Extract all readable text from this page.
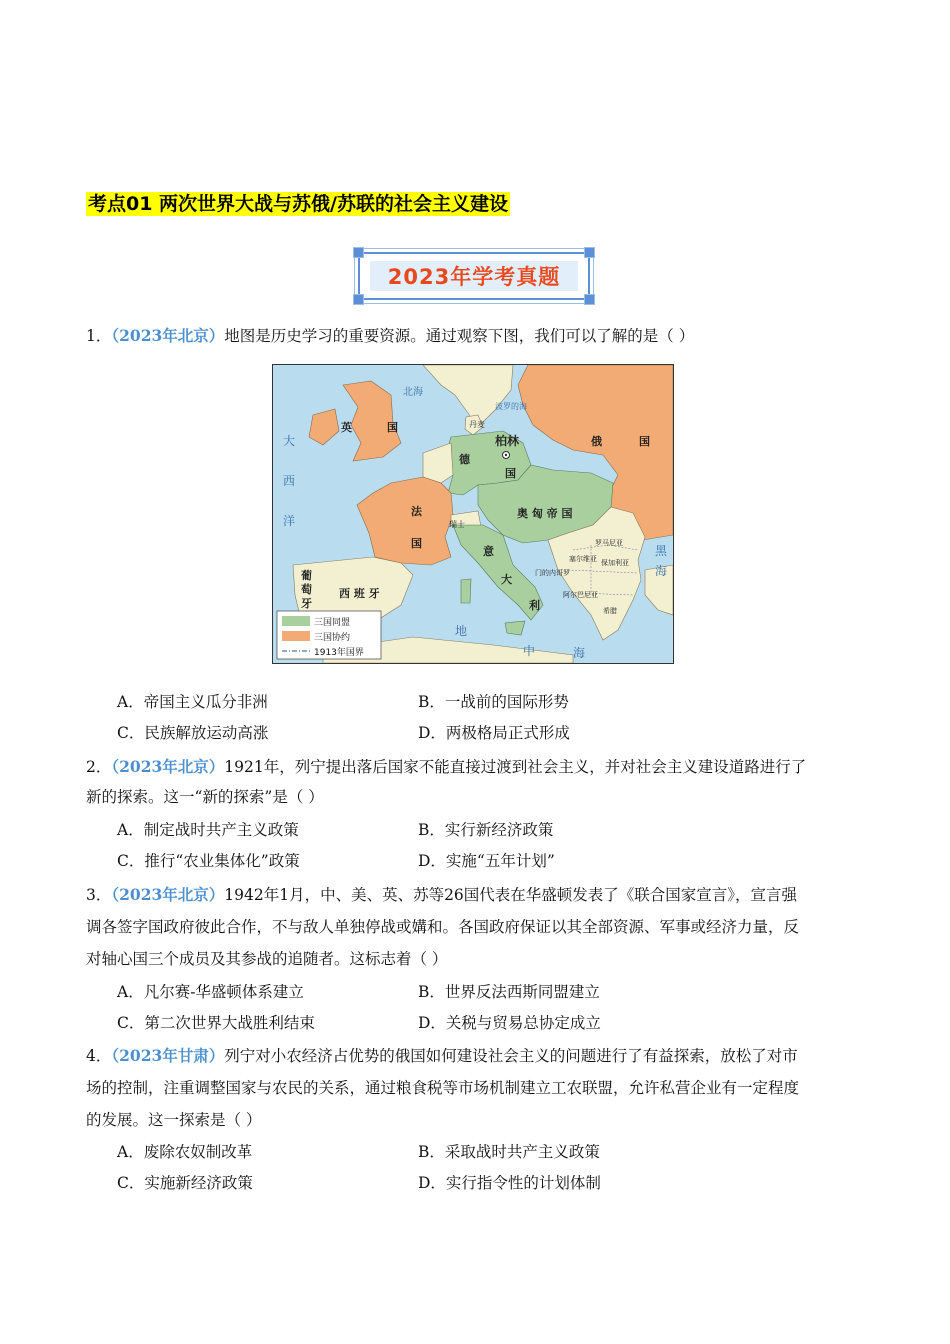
考点01 两次世界大战与苏俄/苏联的社会主义建设
2023年学考真题
1．（2023年北京）地图是历史学习的重要资源。通过观察下图，我们可以了解的是（ ）
英	国
德
国
俄	国
法
国
奥 匈 帝 国
意
大
利
西 班 牙
葡
萄
牙
柏林
瑞士
丹麦
门的内哥罗
罗马尼亚
保加利亚
塞尔维亚
希腊
阿尔巴尼亚
大
西
洋
北海
波罗的海
地
中	海
黑
海
三国同盟
三国协约
1913年国界
A．帝国主义瓜分非洲	B．一战前的国际形势
C．民族解放运动高涨	D．两极格局正式形成
2．（2023年北京）1921年，列宁提出落后国家不能直接过渡到社会主义，并对社会主义建设道路进行了
新的探索。这一“新的探索”是（ ）
A．制定战时共产主义政策	B．实行新经济政策
C．推行“农业集体化”政策	D．实施“五年计划”
3．（2023年北京）1942年1月，中、美、英、苏等26国代表在华盛顿发表了《联合国家宣言》，宣言强
调各签字国政府彼此合作，不与敌人单独停战或媾和。各国政府保证以其全部资源、军事或经济力量，反
对轴心国三个成员及其参战的追随者。这标志着（ ）
A．凡尔赛-华盛顿体系建立	B．世界反法西斯同盟建立
C．第二次世界大战胜利结束	D．关税与贸易总协定成立
4．（2023年甘肃）列宁对小农经济占优势的俄国如何建设社会主义的问题进行了有益探索，放松了对市
场的控制，注重调整国家与农民的关系，通过粮食税等市场机制建立工农联盟，允许私营企业有一定程度
的发展。这一探索是（ ）
A．废除农奴制改革	B．采取战时共产主义政策
C．实施新经济政策	D．实行指令性的计划体制
